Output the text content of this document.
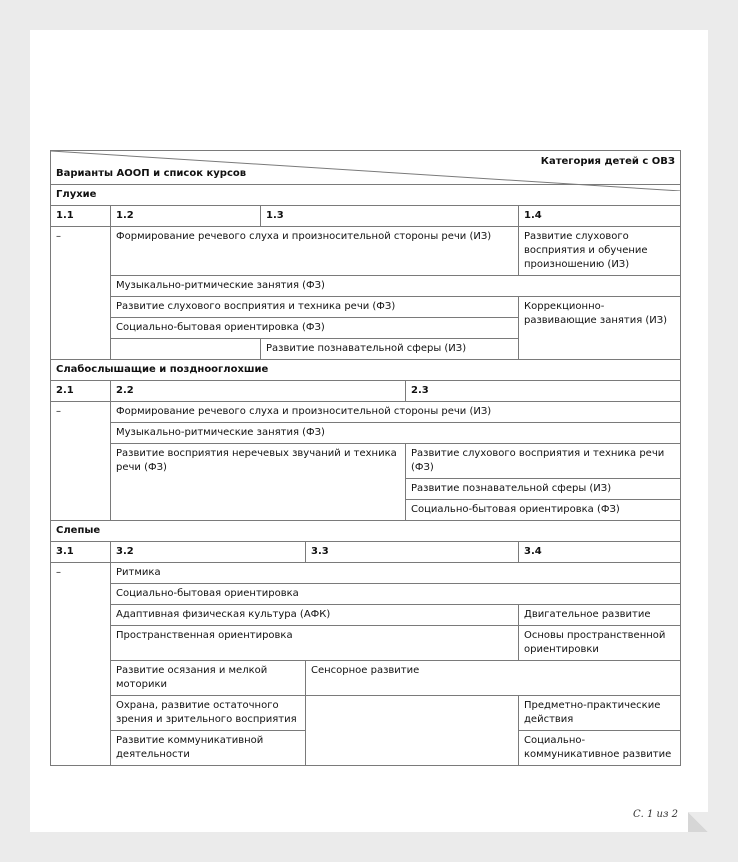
Категория детей с ОВЗ
Варианты АООП и список курсов					

Глухие					
1.1	1.2	1.3			1.4
–	Формирование речевого слуха и произносительной стороны речи (ИЗ)				Развитие слухового восприятия и обучение произношению (ИЗ)
	Музыкально-ритмические занятия (ФЗ)				
	Развитие слухового восприятия и техника речи (ФЗ)				Коррекционно-развивающие занятия (ИЗ)
	Социально-бытовая ориентировка (ФЗ)				
		Развитие познавательной сферы (ИЗ)			
Слабослышащие и позднооглохшие					
2.1	2.2			2.3	
–	Формирование речевого слуха и произносительной стороны речи (ИЗ)				
	Музыкально-ритмические занятия (ФЗ)				
	Развитие восприятия неречевых звучаний и техника речи (ФЗ)			Развитие слухового восприятия и техника речи (ФЗ)	
				Развитие познавательной сферы (ИЗ)	
				Социально-бытовая ориентировка (ФЗ)	
Слепые					
3.1	3.2		3.3		3.4
–	Ритмика				
	Социально-бытовая ориентировка				
	Адаптивная физическая культура (АФК)				Двигательное развитие
	Пространственная ориентировка				Основы пространственной ориентировки
	Развитие осязания и мелкой моторики		Сенсорное развитие		
	Охрана, развитие остаточного зрения и зрительного восприятия				Предметно-практические действия
	Развитие коммуникативной деятельности				Социально-коммуникативное развитие
С. 1 из 2
